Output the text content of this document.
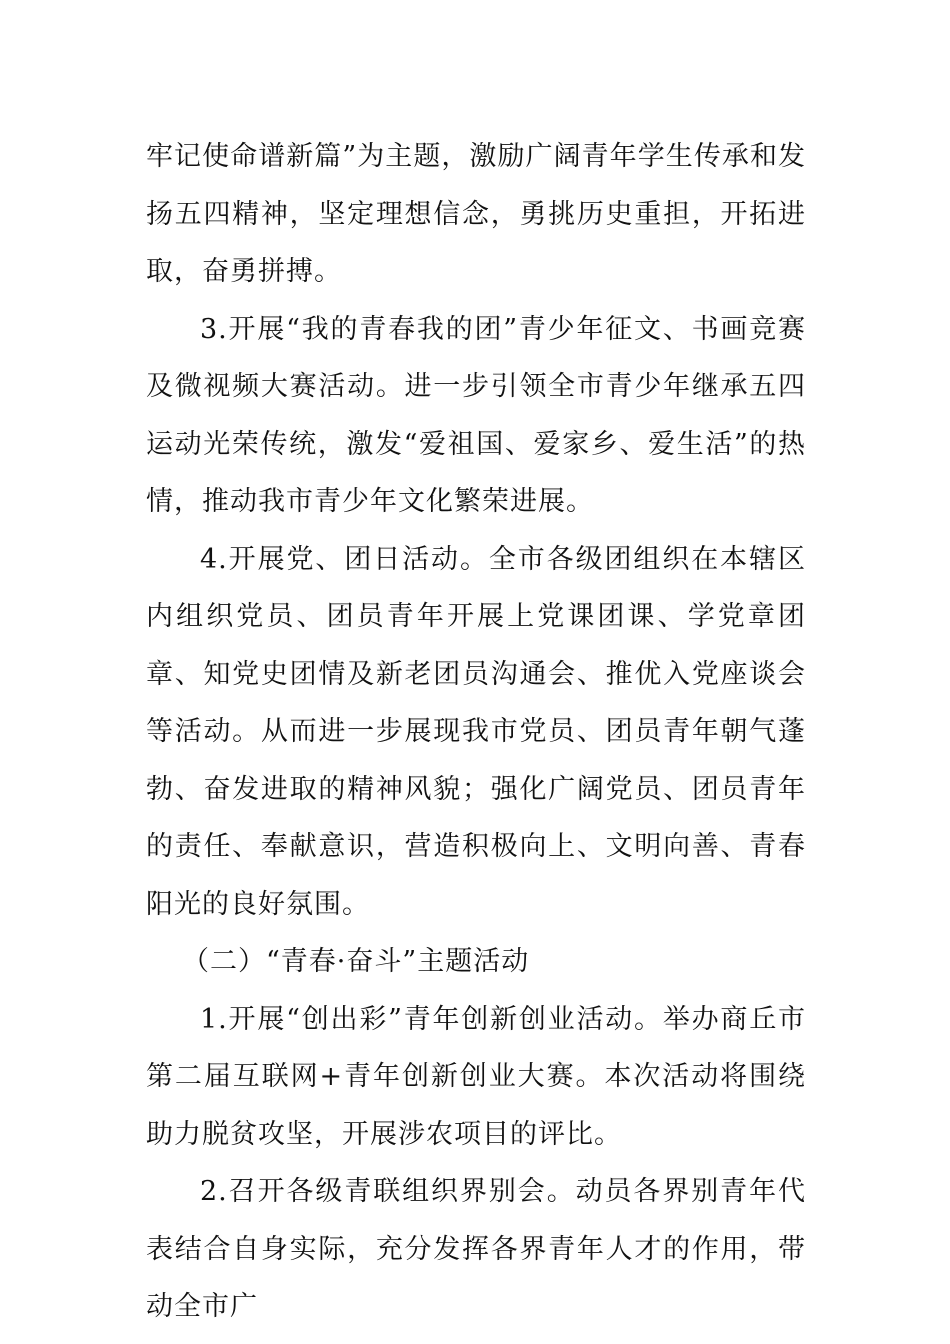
牢记使命谱新篇”为主题，激励广阔青年学生传承和发扬五四精神，坚定理想信念，勇挑历史重担，开拓进取，奋勇拼搏。

3.开展“我的青春我的团”青少年征文、书画竞赛及微视频大赛活动。进一步引领全市青少年继承五四运动光荣传统，激发“爱祖国、爱家乡、爱生活”的热情，推动我市青少年文化繁荣进展。

4.开展党、团日活动。全市各级团组织在本辖区内组织党员、团员青年开展上党课团课、学党章团章、知党史团情及新老团员沟通会、推优入党座谈会等活动。从而进一步展现我市党员、团员青年朝气蓬勃、奋发进取的精神风貌；强化广阔党员、团员青年的责任、奉献意识，营造积极向上、文明向善、青春阳光的良好氛围。

（二）“青春·奋斗”主题活动

1.开展“创出彩”青年创新创业活动。举办商丘市第二届互联网+青年创新创业大赛。本次活动将围绕助力脱贫攻坚，开展涉农项目的评比。

2.召开各级青联组织界别会。动员各界别青年代表结合自身实际，充分发挥各界青年人才的作用，带动全市广
